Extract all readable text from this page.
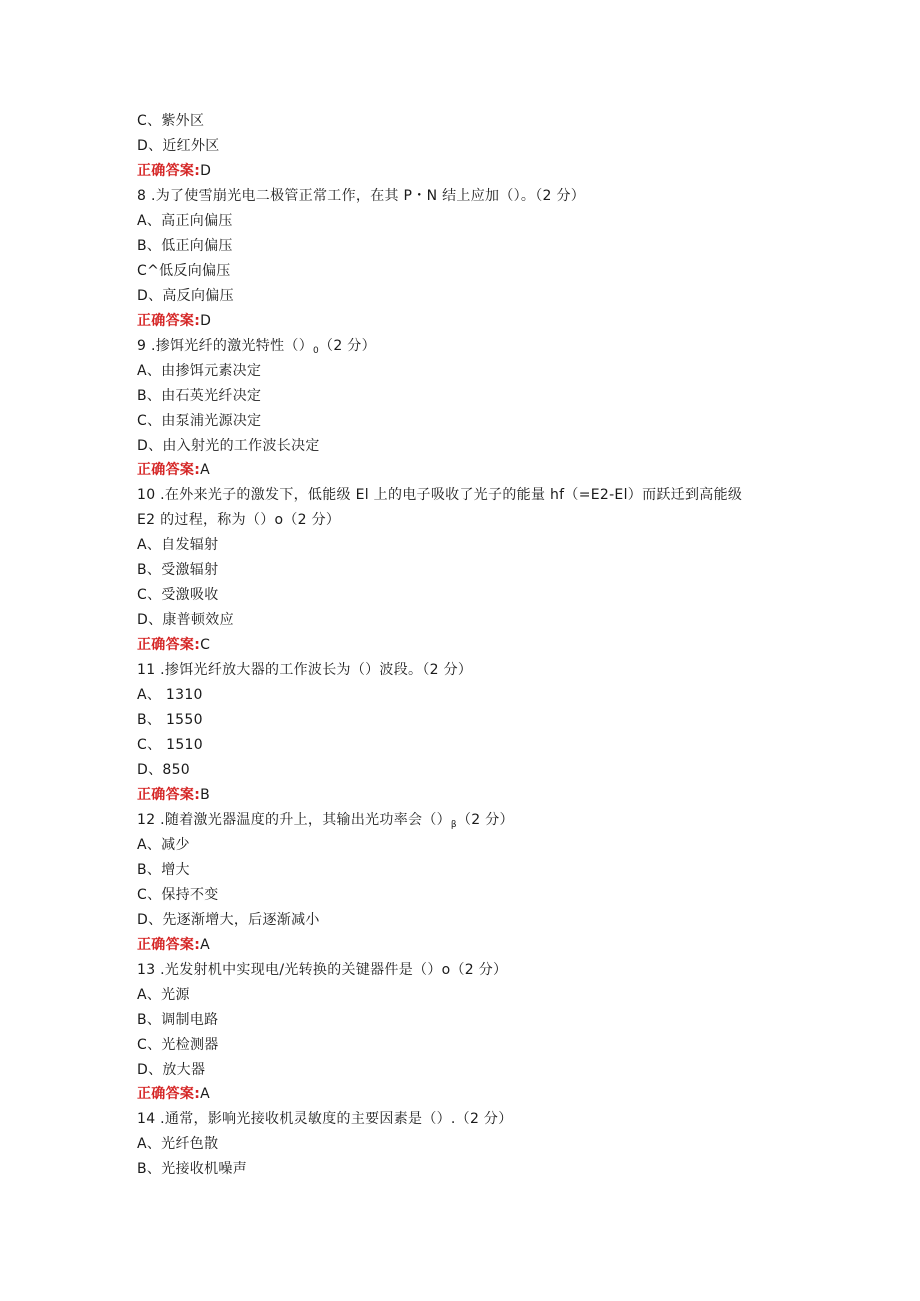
C、紫外区
D、近红外区
正确答案:D
8 .为了使雪崩光电二极管正常工作，在其 P・N 结上应加（）。（2 分）
A、高正向偏压
B、低正向偏压
C^低反向偏压
D、高反向偏压
正确答案:D
9 .掺饵光纤的激光特性$()_0(2$ 分）
A、由掺饵元素决定
B、由石英光纤决定
C、由泵浦光源决定
D、由入射光的工作波长决定
正确答案:A
10 .在外来光子的激发下，低能级 El 上的电子吸收了光子的能量 hf（=E2-El）而跃迁到高能级
E2 的过程，称为（）o（2 分）
A、自发辐射
B、受激辐射
C、受激吸收
D、康普顿效应
正确答案:C
11 .掺饵光纤放大器的工作波长为（）波段。（2 分）
A、 1310
B、 1550
C、 1510
D、850
正确答案:B
12 .随着激光器温度的升上，其输出光功率会$()_\beta(2$ 分）
A、减少
B、增大
C、保持不变
D、先逐渐增大，后逐渐减小
正确答案:A
13 .光发射机中实现电/光转换的关键器件是（）o（2 分）
A、光源
B、调制电路
C、光检测器
D、放大器
正确答案:A
14 .通常，影响光接收机灵敏度的主要因素是（）.（2 分）
A、光纤色散
B、光接收机噪声
